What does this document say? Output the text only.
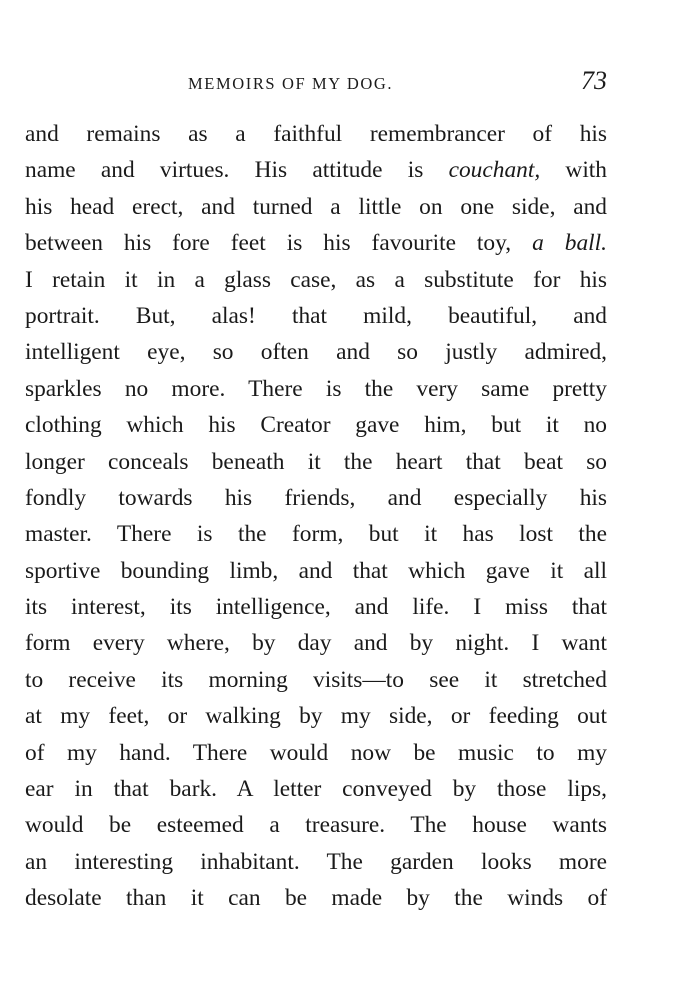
MEMOIRS OF MY DOG.	73
and remains as a faithful remembrancer of his
name and virtues. His attitude is couchant, with
his head erect, and turned a little on one side, and
between his fore feet is his favourite toy, a ball.
I retain it in a glass case, as a substitute for his
portrait. But, alas! that mild, beautiful, and
intelligent eye, so often and so justly admired,
sparkles no more. There is the very same pretty
clothing which his Creator gave him, but it no
longer conceals beneath it the heart that beat so
fondly towards his friends, and especially his
master. There is the form, but it has lost the
sportive bounding limb, and that which gave it all
its interest, its intelligence, and life. I miss that
form every where, by day and by night. I want
to receive its morning visits—to see it stretched
at my feet, or walking by my side, or feeding out
of my hand. There would now be music to my
ear in that bark. A letter conveyed by those lips,
would be esteemed a treasure. The house wants
an interesting inhabitant. The garden looks more
desolate than it can be made by the winds of
